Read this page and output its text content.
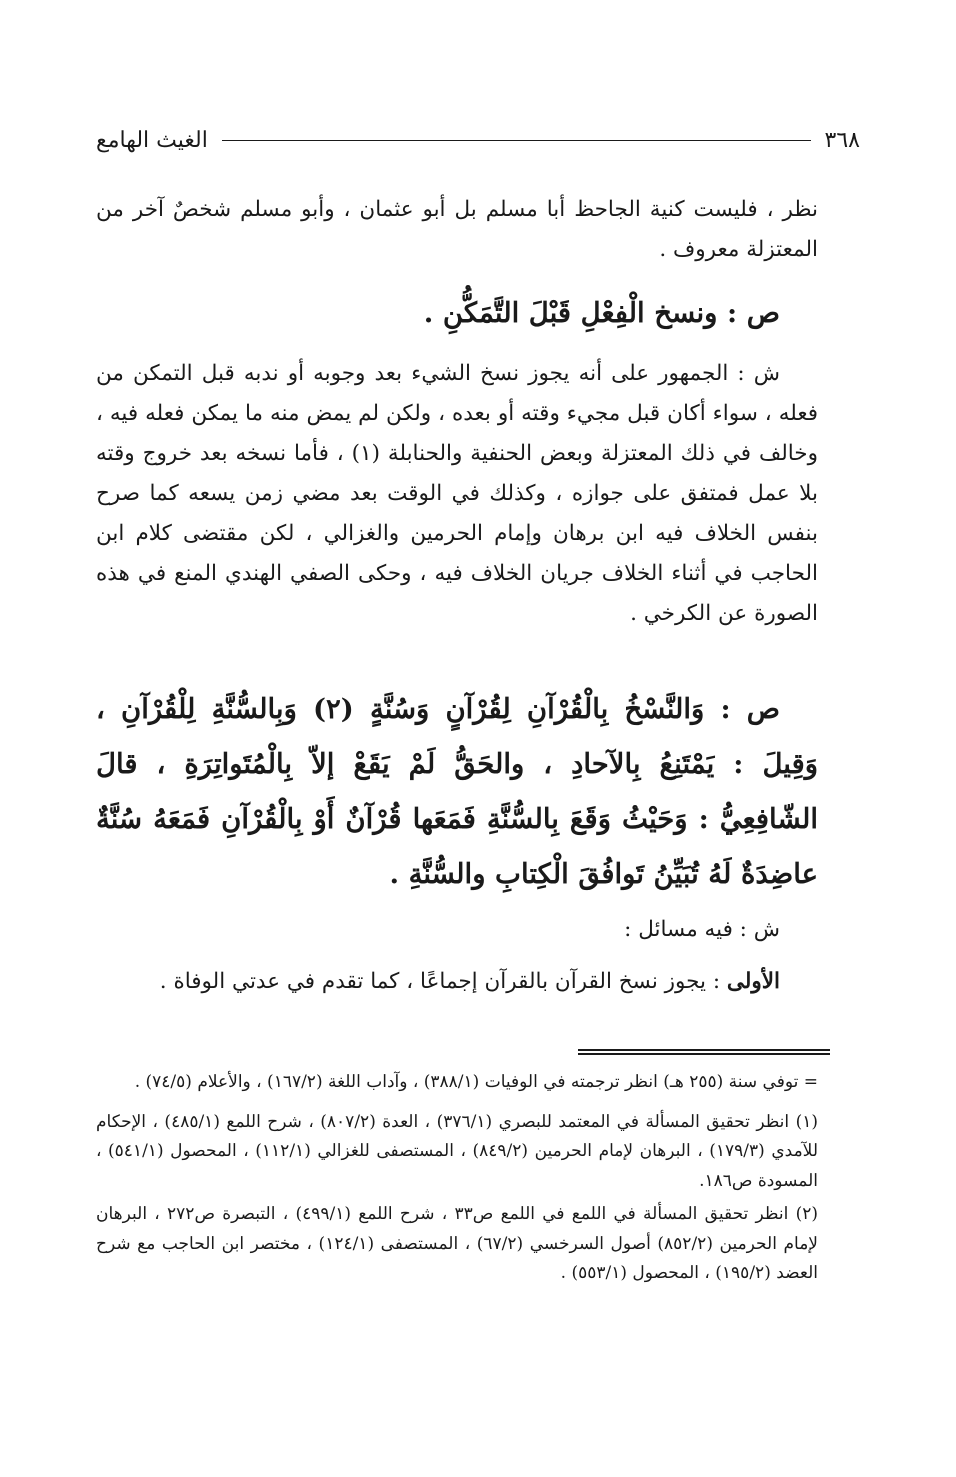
٣٦٨
الغيث الهامع
نظر ، فليست كنية الجاحظ أبا مسلم بل أبو عثمان ، وأبو مسلم شخصٌ آخر من المعتزلة معروف .
ص : ونسخ الْفِعْلِ قَبْلَ التَّمَكُّنِ .
ش : الجمهور على أنه يجوز نسخ الشيء بعد وجوبه أو ندبه قبل التمكن من فعله ، سواء أكان قبل مجيء وقته أو بعده ، ولكن لم يمض منه ما يمكن فعله فيه ، وخالف في ذلك المعتزلة وبعض الحنفية والحنابلة (١) ، فأما نسخه بعد خروج وقته بلا عمل فمتفق على جوازه ، وكذلك في الوقت بعد مضي زمن يسعه كما صرح بنفس الخلاف فيه ابن برهان وإمام الحرمين والغزالي ، لكن مقتضى كلام ابن الحاجب في أثناء الخلاف جريان الخلاف فيه ، وحكى الصفي الهندي المنع في هذه الصورة عن الكرخي .
ص : وَالنَّسْخُ بِالْقُرْآنِ لِقُرْآنٍ وَسُنَّةٍ (٢) وَبِالسُّنَّةِ لِلْقُرْآنِ ، وَقِيلَ : يَمْتَنِعُ بِالآحادِ ، والحَقُّ لَمْ يَقَعْ إلاّ بِالْمُتَواتِرَةِ ، قالَ الشّافِعِيُّ : وَحَيْثُ وَقَعَ بِالسُّنَّةِ فَمَعَها قُرْآنٌ أَوْ بِالْقُرْآنِ فَمَعَهُ سُنَّةٌ عاضِدَةٌ لَهُ تُبَيِّنُ تَوافُقَ الْكِتابِ والسُّنَّةِ .
ش : فيه مسائل :
الأولى : يجوز نسخ القرآن بالقرآن إجماعًا ، كما تقدم في عدتي الوفاة .
= توفي سنة (٢٥٥ هـ) انظر ترجمته في الوفيات (٣٨٨/١) ، وآداب اللغة (١٦٧/٢) ، والأعلام (٧٤/٥) .
(١) انظر تحقيق المسألة في المعتمد للبصري (٣٧٦/١) ، العدة (٨٠٧/٢) ، شرح اللمع (٤٨٥/١) ، الإحكام للآمدي (١٧٩/٣) ، البرهان لإمام الحرمين (٨٤٩/٢) ، المستصفى للغزالي (١١٢/١) ، المحصول (٥٤١/١) ، المسودة ص١٨٦.
(٢) انظر تحقيق المسألة في اللمع في اللمع ص٣٣ ، شرح اللمع (٤٩٩/١) ، التبصرة ص٢٧٢ ، البرهان لإمام الحرمين (٨٥٢/٢) أصول السرخسي (٦٧/٢) ، المستصفى (١٢٤/١) ، مختصر ابن الحاجب مع شرح العضد (١٩٥/٢) ، المحصول (٥٥٣/١) .
